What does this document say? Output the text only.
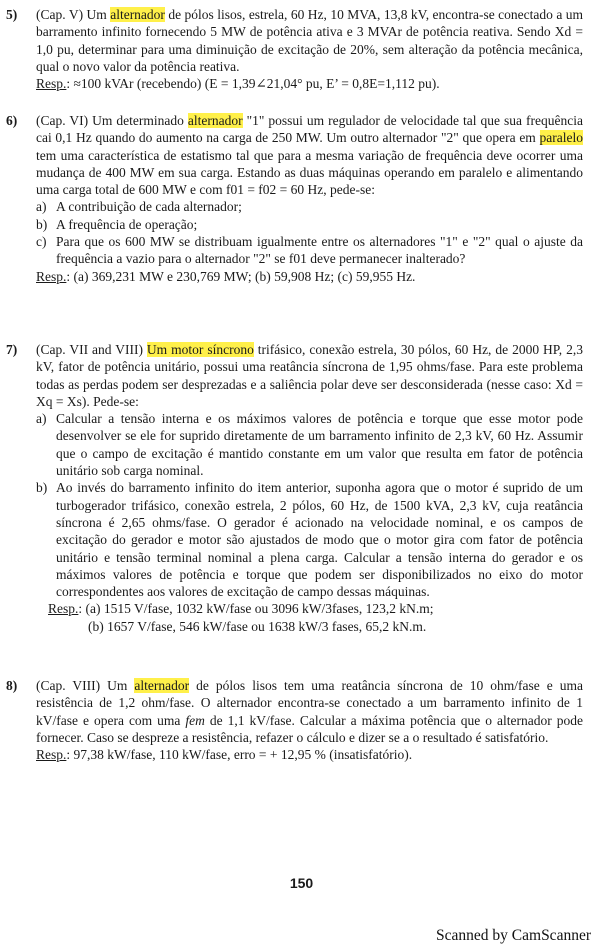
5) (Cap. V) Um alternador de pólos lisos, estrela, 60 Hz, 10 MVA, 13,8 kV, encontra-se conectado a um barramento infinito fornecendo 5 MW de potência ativa e 3 MVAr de potência reativa. Sendo Xd = 1,0 pu, determinar para uma diminuição de excitação de 20%, sem alteração da potência mecânica, qual o novo valor da potência reativa.

Resp.: ≈100 kVAr (recebendo) (E = 1,39∠21,04° pu, E’ = 0,8E=1,112 pu).

6) (Cap. VI) Um determinado alternador "1" possui um regulador de velocidade tal que sua frequência cai 0,1 Hz quando do aumento na carga de 250 MW. Um outro alternador "2" que opera em paralelo tem uma característica de estatismo tal que para a mesma variação de frequência deve ocorrer uma mudança de 400 MW em sua carga. Estando as duas máquinas operando em paralelo e alimentando uma carga total de 600 MW e com f01 = f02 = 60 Hz, pede-se:

a) A contribuição de cada alternador;
b) A frequência de operação;
c) Para que os 600 MW se distribuam igualmente entre os alternadores "1" e "2" qual o ajuste da frequência a vazio para o alternador "2" se f01 deve permanecer inalterado?

Resp.: (a) 369,231 MW e 230,769 MW; (b) 59,908 Hz; (c) 59,955 Hz.

7) (Cap. VII and VIII) Um motor síncrono trifásico, conexão estrela, 30 pólos, 60 Hz, de 2000 HP, 2,3 kV, fator de potência unitário, possui uma reatância síncrona de 1,95 ohms/fase. Para este problema todas as perdas podem ser desprezadas e a saliência polar deve ser desconsiderada (nesse caso: Xd = Xq = Xs). Pede-se:

a) Calcular a tensão interna e os máximos valores de potência e torque que esse motor pode desenvolver se ele for suprido diretamente de um barramento infinito de 2,3 kV, 60 Hz. Assumir que o campo de excitação é mantido constante em um valor que resulta em fator de potência unitário sob carga nominal.
b) Ao invés do barramento infinito do item anterior, suponha agora que o motor é suprido de um turbogerador trifásico, conexão estrela, 2 pólos, 60 Hz, de 1500 kVA, 2,3 kV, cuja reatância síncrona é 2,65 ohms/fase. O gerador é acionado na velocidade nominal, e os campos de excitação do gerador e motor são ajustados de modo que o motor gira com fator de potência unitário e tensão terminal nominal a plena carga. Calcular a tensão interna do gerador e os máximos valores de potência e torque que podem ser disponibilizados no eixo do motor correspondentes aos valores de excitação de campo dessas máquinas.

Resp.: (a) 1515 V/fase, 1032 kW/fase ou 3096 kW/3fases, 123,2 kN.m;

(b) 1657 V/fase, 546 kW/fase ou 1638 kW/3 fases, 65,2 kN.m.

8) (Cap. VIII) Um alternador de pólos lisos tem uma reatância síncrona de 10 ohm/fase e uma resistência de 1,2 ohm/fase. O alternador encontra-se conectado a um barramento infinito de 1 kV/fase e opera com uma fem de 1,1 kV/fase. Calcular a máxima potência que o alternador pode fornecer. Caso se despreze a resistência, refazer o cálculo e dizer se a o resultado é satisfatório.

Resp.: 97,38 kW/fase, 110 kW/fase, erro = + 12,95 % (insatisfatório).

150
Scanned by CamScanner
